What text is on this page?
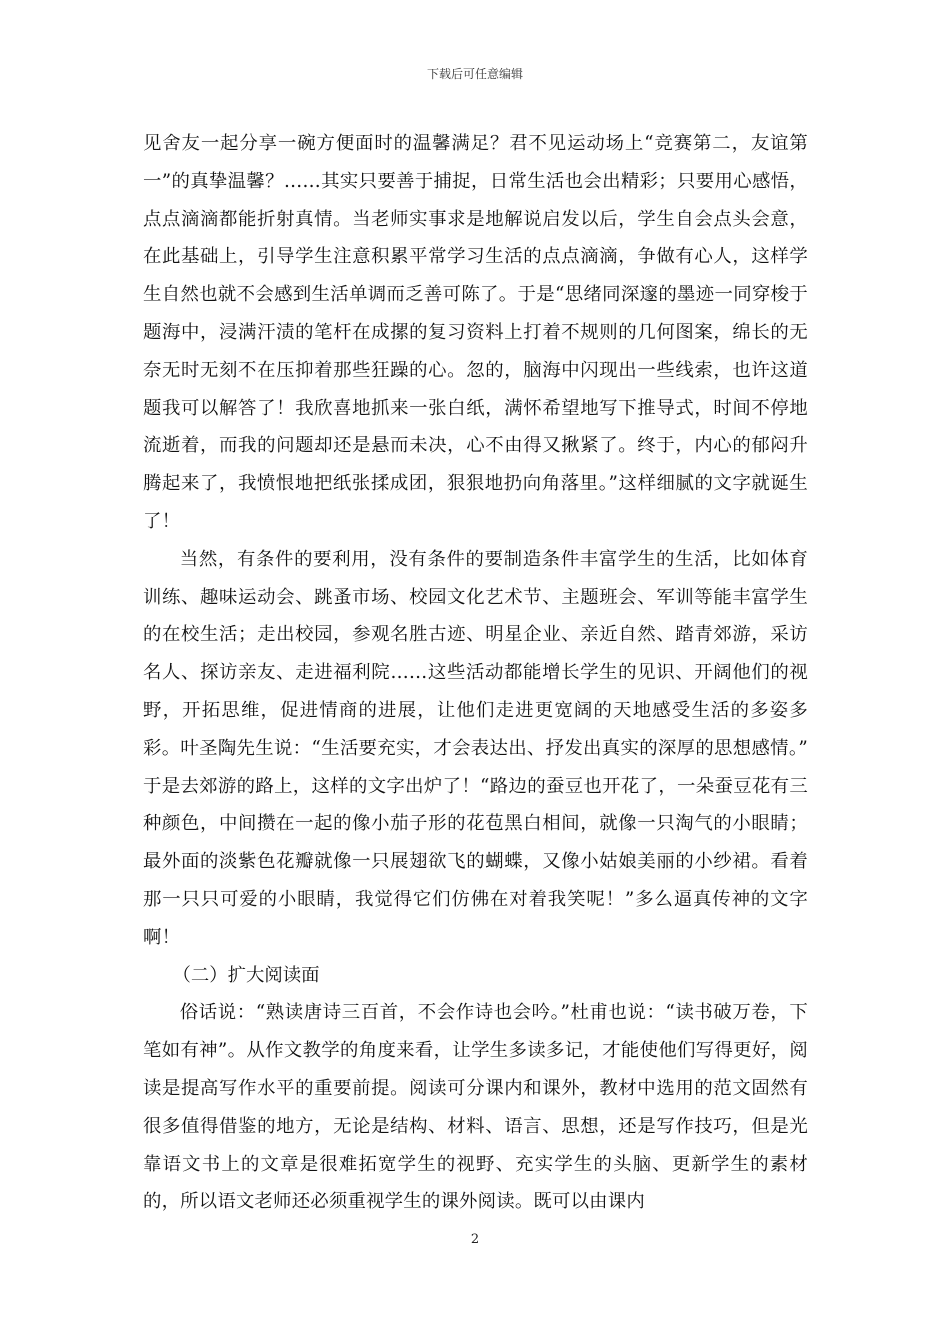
下载后可任意编辑

见舍友一起分享一碗方便面时的温馨满足？君不见运动场上“竞赛第二，友谊第一”的真挚温馨？……其实只要善于捕捉，日常生活也会出精彩；只要用心感悟，点点滴滴都能折射真情。当老师实事求是地解说启发以后，学生自会点头会意，在此基础上，引导学生注意积累平常学习生活的点点滴滴，争做有心人，这样学生自然也就不会感到生活单调而乏善可陈了。于是“思绪同深邃的墨迹一同穿梭于题海中，浸满汗渍的笔杆在成摞的复习资料上打着不规则的几何图案，绵长的无奈无时无刻不在压抑着那些狂躁的心。忽的，脑海中闪现出一些线索，也许这道题我可以解答了！我欣喜地抓来一张白纸，满怀希望地写下推导式，时间不停地流逝着，而我的问题却还是悬而未决，心不由得又揪紧了。终于，内心的郁闷升腾起来了，我愤恨地把纸张揉成团，狠狠地扔向角落里。”这样细腻的文字就诞生了！

当然，有条件的要利用，没有条件的要制造条件丰富学生的生活，比如体育训练、趣味运动会、跳蚤市场、校园文化艺术节、主题班会、军训等能丰富学生的在校生活；走出校园，参观名胜古迹、明星企业、亲近自然、踏青郊游，采访名人、探访亲友、走进福利院……这些活动都能增长学生的见识、开阔他们的视野，开拓思维，促进情商的进展，让他们走进更宽阔的天地感受生活的多姿多彩。叶圣陶先生说：“生活要充实，才会表达出、抒发出真实的深厚的思想感情。” 于是去郊游的路上，这样的文字出炉了！“路边的蚕豆也开花了，一朵蚕豆花有三种颜色，中间攒在一起的像小茄子形的花苞黑白相间，就像一只淘气的小眼睛；最外面的淡紫色花瓣就像一只展翅欲飞的蝴蝶，又像小姑娘美丽的小纱裙。看着那一只只可爱的小眼睛，我觉得它们仿佛在对着我笑呢！”多么逼真传神的文字啊！

（二）扩大阅读面

俗话说：“熟读唐诗三百首，不会作诗也会吟。”杜甫也说：“读书破万卷，下笔如有神”。从作文教学的角度来看，让学生多读多记，才能使他们写得更好，阅读是提高写作水平的重要前提。阅读可分课内和课外，教材中选用的范文固然有很多值得借鉴的地方，无论是结构、材料、语言、思想，还是写作技巧，但是光靠语文书上的文章是很难拓宽学生的视野、充实学生的头脑、更新学生的素材的，所以语文老师还必须重视学生的课外阅读。既可以由课内

2
